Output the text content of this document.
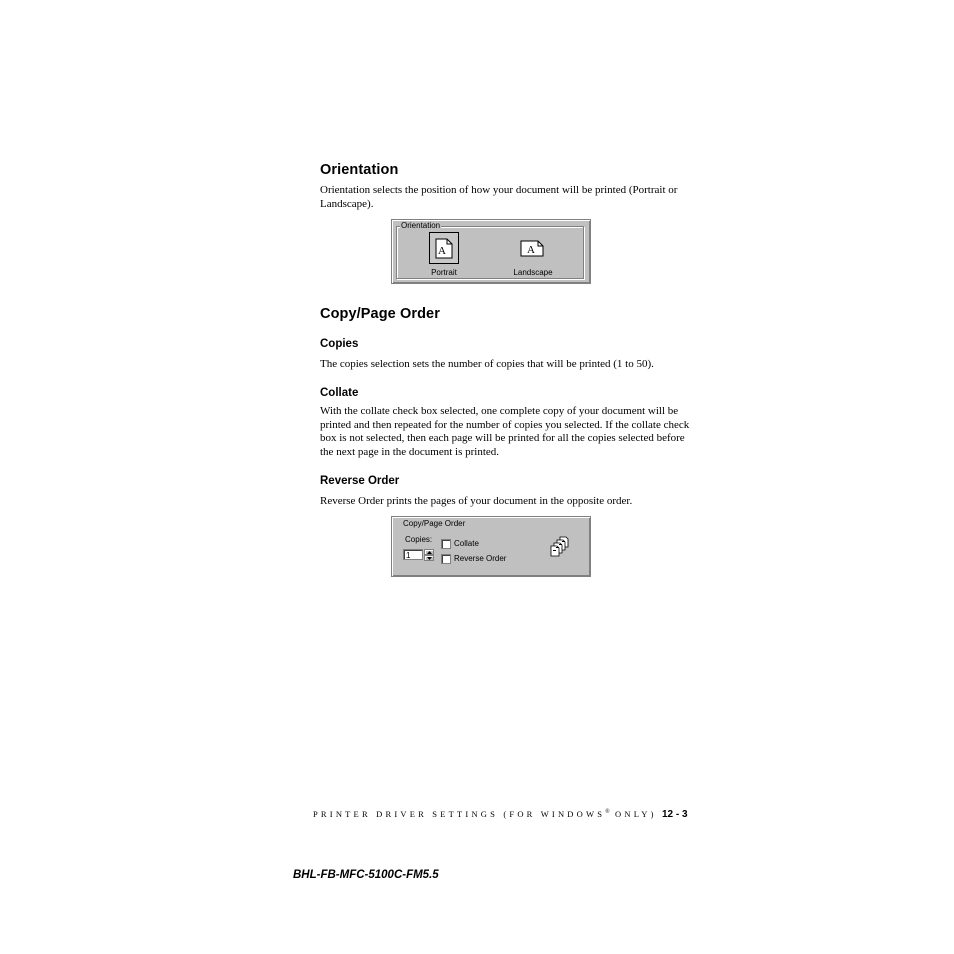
Orientation
Orientation selects the position of how your document will be printed (Portrait or Landscape).
Orientation
A
Portrait
A
Landscape
Copy/Page Order
Copies
The copies selection sets the number of copies that will be printed (1 to 50).
Collate
With the collate check box selected, one complete copy of your document will be printed and then repeated for the number of copies you selected. If the collate check box is not selected, then each page will be printed for all the copies selected before the next page in the document is printed.
Reverse Order
Reverse Order prints the pages of your document in the opposite order.
Copy/Page Order
Copies:
1
Collate
Reverse Order
PRINTER DRIVER SETTINGS (FOR WINDOWS® ONLY) 12 - 3
BHL-FB-MFC-5100C-FM5.5
